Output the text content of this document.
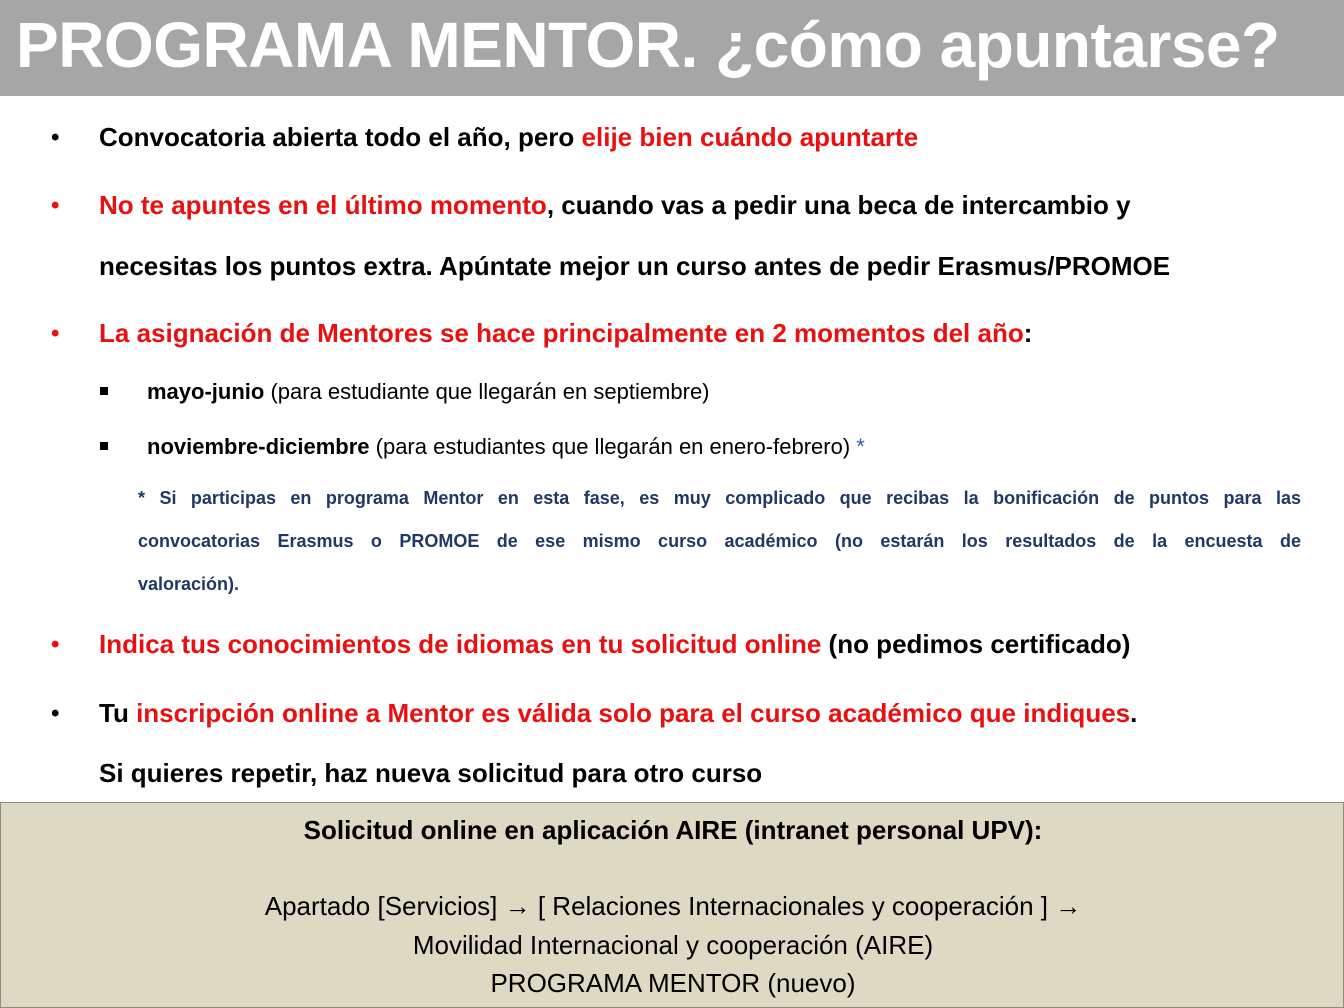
PROGRAMA MENTOR. ¿cómo apuntarse?
• Convocatoria abierta todo el año, pero elije bien cuándo apuntarte
• No te apuntes en el último momento, cuando vas a pedir una beca de intercambio y
necesitas los puntos extra. Apúntate mejor un curso antes de pedir Erasmus/PROMOE
• La asignación de Mentores se hace principalmente en 2 momentos del año:
mayo-junio (para estudiante que llegarán en septiembre)
noviembre-diciembre (para estudiantes que llegarán en enero-febrero) *
* Si participas en programa Mentor en esta fase, es muy complicado que recibas la bonificación de puntos para las
convocatorias Erasmus o PROMOE de ese mismo curso académico (no estarán los resultados de la encuesta de
valoración).
• Indica tus conocimientos de idiomas en tu solicitud online (no pedimos certificado)
• Tu inscripción online a Mentor es válida solo para el curso académico que indiques.
Si quieres repetir, haz nueva solicitud para otro curso
Solicitud online en aplicación AIRE (intranet personal UPV):
Apartado [Servicios] → [ Relaciones Internacionales y cooperación ] →
Movilidad Internacional y cooperación (AIRE)
PROGRAMA MENTOR (nuevo)
